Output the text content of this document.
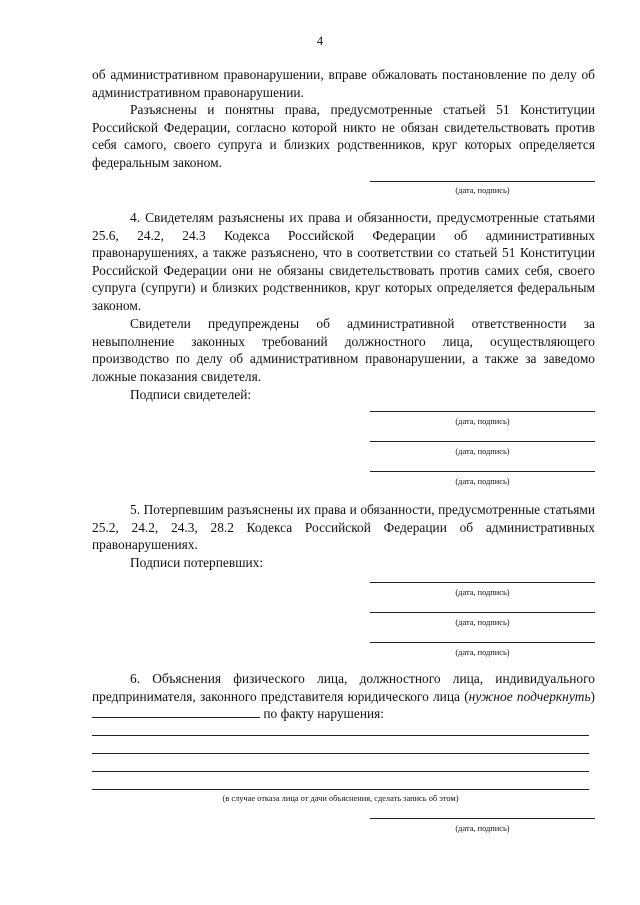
4

об административном правонарушении, вправе обжаловать постановление по делу об административном правонарушении.

Разъяснены и понятны права, предусмотренные статьей 51 Конституции Российской Федерации, согласно которой никто не обязан свидетельствовать против себя самого, своего супруга и близких родственников, круг которых определяется федеральным законом.

(дата, подпись)

4. Свидетелям разъяснены их права и обязанности, предусмотренные статьями 25.6, 24.2, 24.3 Кодекса Российской Федерации об административных правонарушениях, а также разъяснено, что в соответствии со статьей 51 Конституции Российской Федерации они не обязаны свидетельствовать против самих себя, своего супруга (супруги) и близких родственников, круг которых определяется федеральным законом.

Свидетели предупреждены об административной ответственности за невыполнение законных требований должностного лица, осуществляющего производство по делу об административном правонарушении, а также за заведомо ложные показания свидетеля.

Подписи свидетелей:

(дата, подпись)
(дата, подпись)
(дата, подпись)

5. Потерпевшим разъяснены их права и обязанности, предусмотренные статьями 25.2, 24.2, 24.3, 28.2 Кодекса Российской Федерации об административных правонарушениях.

Подписи потерпевших:

(дата, подпись)
(дата, подпись)
(дата, подпись)

6. Объяснения физического лица, должностного лица, индивидуального предпринимателя, законного представителя юридического лица (нужное подчеркнуть)  по факту нарушения:

(в случае отказа лица от дачи объяснения, сделать запись об этом)
(дата, подпись)
